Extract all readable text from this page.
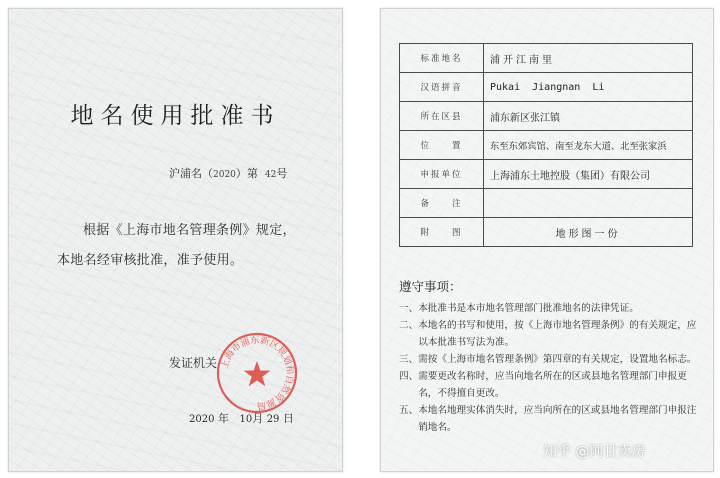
地名使用批准书
沪浦名（2020）第 42号
根据《上海市地名管理条例》规定，
本地名经审核批准，准予使用。
发证机关 上海市浦东新区规划和自然资源局
2020 年 10月 29 日
标准地名	浦开江南里
汉语拼音	Pukai  Jiangnan  Li
所在区县	浦东新区张江镇
位　　置	东至东郊宾馆、南至龙东大道、北至张家浜
申报单位	上海浦东土地控股（集团）有限公司
备　　注	
附　　图	地形图一份
遵守事项：
一、 本批准书是本市地名管理部门批准地名的法律凭证。
二、 本地名的书写和使用，按《上海市地名管理条例》的有关规定，应以本批准书写法为准。
三、 需按《上海市地名管理条例》第四章的有关规定，设置地名标志。
四、 需要更改名称时，应当向地名所在的区或县地名管理部门申报更名，不得擅自更改。
五、 本地名地理实体消失时，应当向所在的区或县地名管理部门申报注销地名。
知乎 @阿甘卖房
